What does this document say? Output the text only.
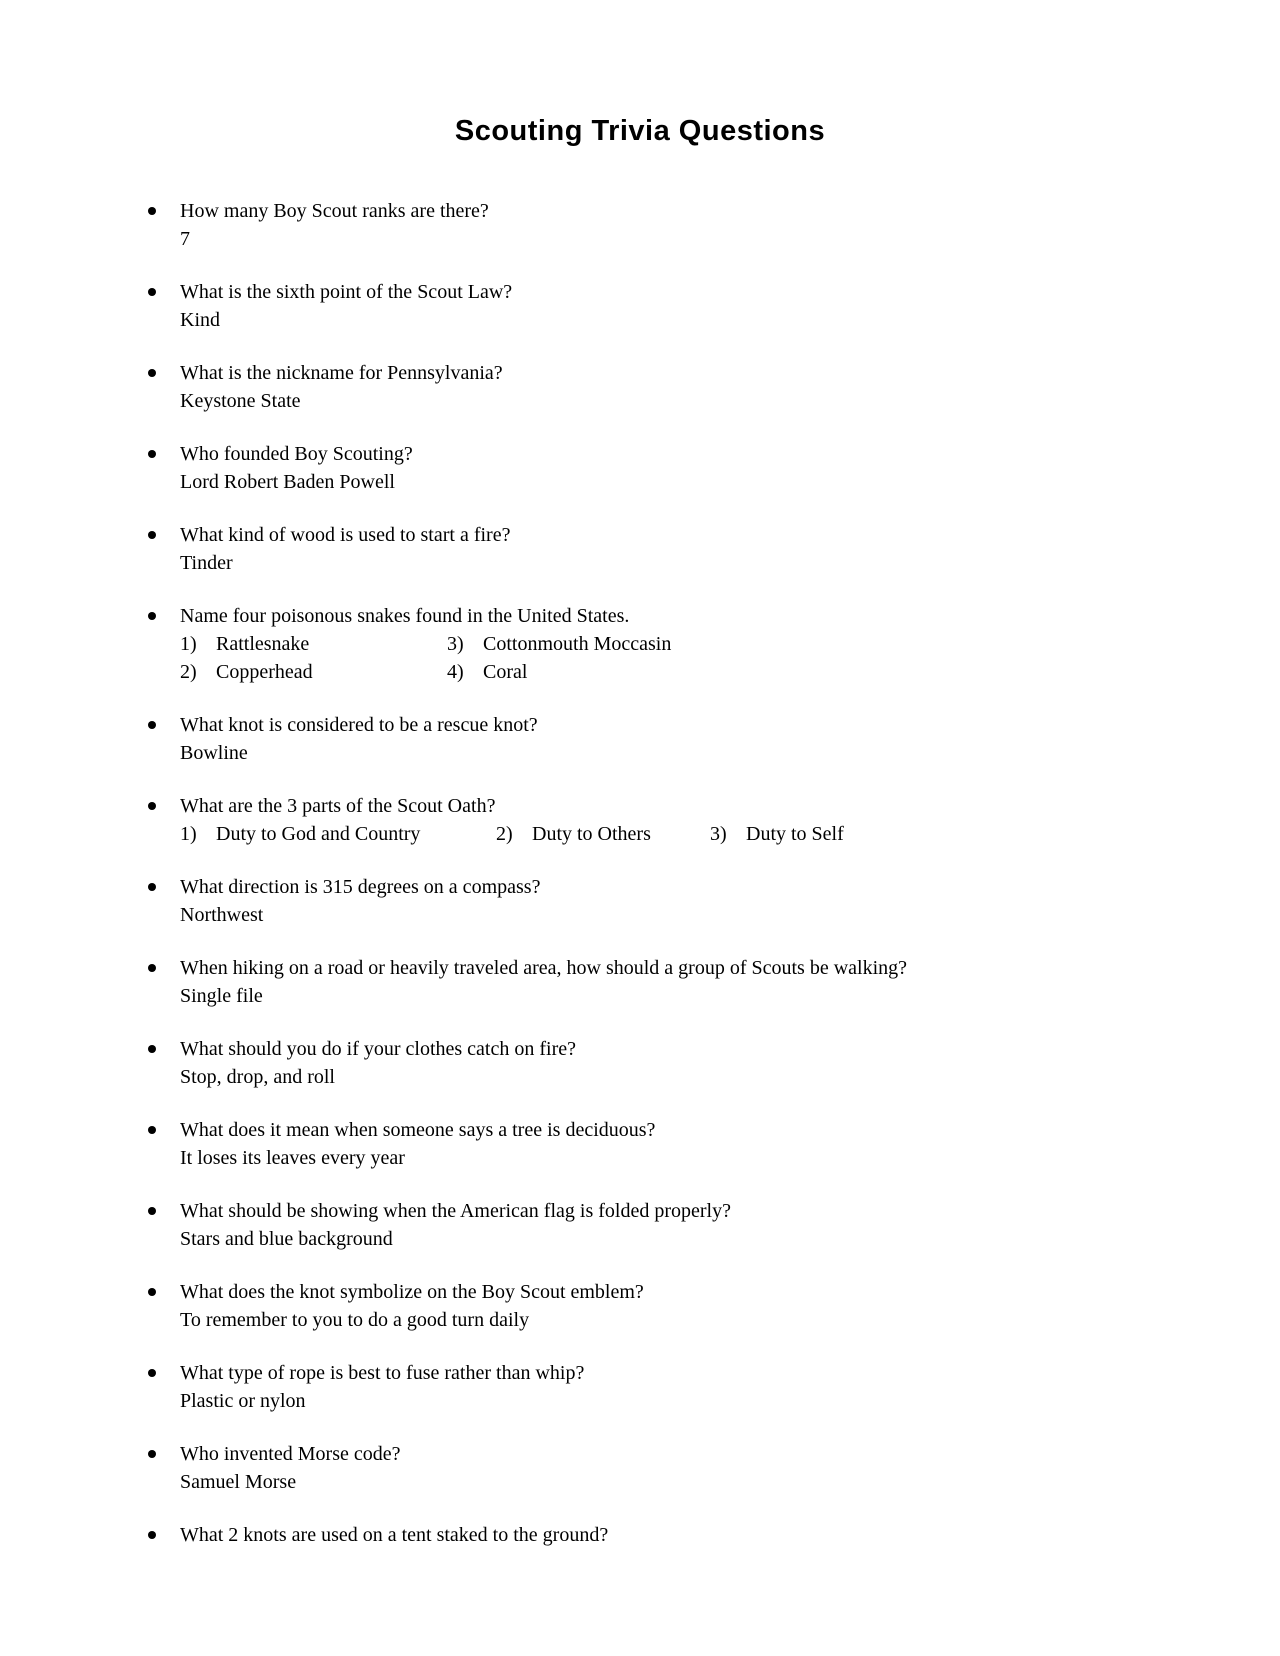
Scouting Trivia Questions
How many Boy Scout ranks are there?
7
What is the sixth point of the Scout Law?
Kind
What is the nickname for Pennsylvania?
Keystone State
Who founded Boy Scouting?
Lord Robert Baden Powell
What kind of wood is used to start a fire?
Tinder
Name four poisonous snakes found in the United States.
1) Rattlesnake	3) Cottonmouth Moccasin
2) Copperhead	4) Coral
What knot is considered to be a rescue knot?
Bowline
What are the 3 parts of the Scout Oath?
1) Duty to God and Country	2) Duty to Others	3) Duty to Self
What direction is 315 degrees on a compass?
Northwest
When hiking on a road or heavily traveled area, how should a group of Scouts be walking?
Single file
What should you do if your clothes catch on fire?
Stop, drop, and roll
What does it mean when someone says a tree is deciduous?
It loses its leaves every year
What should be showing when the American flag is folded properly?
Stars and blue background
What does the knot symbolize on the Boy Scout emblem?
To remember to you to do a good turn daily
What type of rope is best to fuse rather than whip?
Plastic or nylon
Who invented Morse code?
Samuel Morse
What 2 knots are used on a tent staked to the ground?
